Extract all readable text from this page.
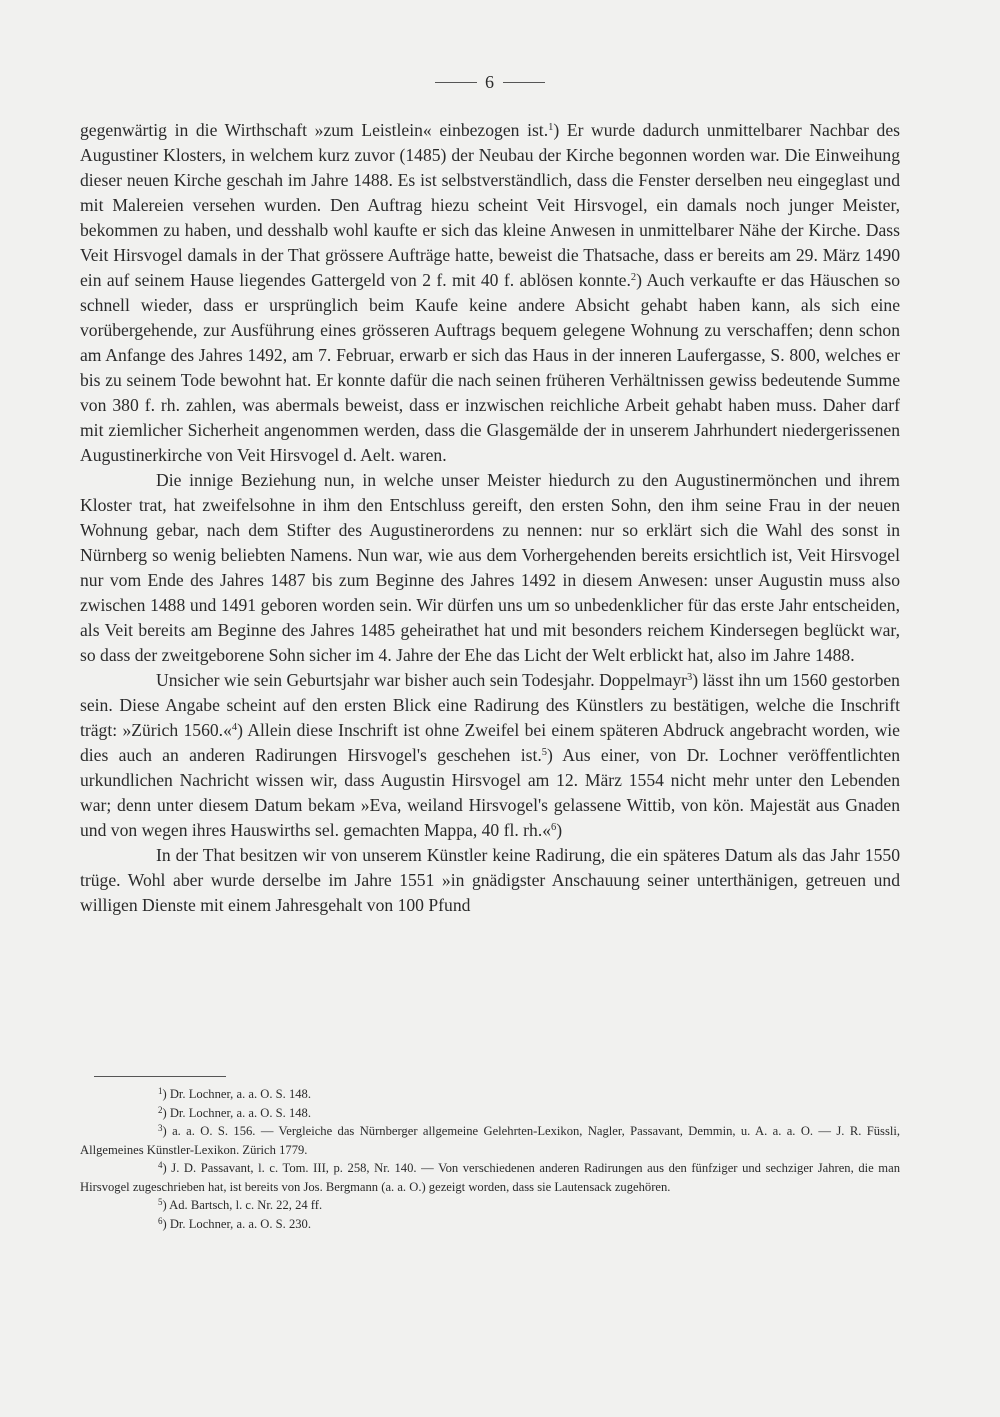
6

gegenwärtig in die Wirthschaft »zum Leistlein« einbezogen ist.$^1$) Er wurde dadurch unmittelbarer Nachbar des Augustiner Klosters, in welchem kurz zuvor (1485) der Neubau der Kirche begonnen worden war. Die Einweihung dieser neuen Kirche geschah im Jahre 1488. Es ist selbstverständlich, dass die Fenster derselben neu eingeglast und mit Malereien versehen wurden. Den Auftrag hiezu scheint Veit Hirsvogel, ein damals noch junger Meister, bekommen zu haben, und desshalb wohl kaufte er sich das kleine Anwesen in unmittelbarer Nähe der Kirche. Dass Veit Hirsvogel damals in der That grössere Aufträge hatte, beweist die Thatsache, dass er bereits am 29. März 1490 ein auf seinem Hause liegendes Gattergeld von 2 f. mit 40 f. ablösen konnte.$^2$) Auch verkaufte er das Häuschen so schnell wieder, dass er ursprünglich beim Kaufe keine andere Absicht gehabt haben kann, als sich eine vorübergehende, zur Ausführung eines grösseren Auftrags bequem gelegene Wohnung zu verschaffen; denn schon am Anfange des Jahres 1492, am 7. Februar, erwarb er sich das Haus in der inneren Laufergasse, S. 800, welches er bis zu seinem Tode bewohnt hat. Er konnte dafür die nach seinen früheren Verhältnissen gewiss bedeutende Summe von 380 f. rh. zahlen, was abermals beweist, dass er inzwischen reichliche Arbeit gehabt haben muss. Daher darf mit ziemlicher Sicherheit angenommen werden, dass die Glasgemälde der in unserem Jahrhundert niedergerissenen Augustinerkirche von Veit Hirsvogel d. Aelt. waren.

Die innige Beziehung nun, in welche unser Meister hiedurch zu den Augustinermönchen und ihrem Kloster trat, hat zweifelsohne in ihm den Entschluss gereift, den ersten Sohn, den ihm seine Frau in der neuen Wohnung gebar, nach dem Stifter des Augustinerordens zu nennen: nur so erklärt sich die Wahl des sonst in Nürnberg so wenig beliebten Namens. Nun war, wie aus dem Vorhergehenden bereits ersichtlich ist, Veit Hirsvogel nur vom Ende des Jahres 1487 bis zum Beginne des Jahres 1492 in diesem Anwesen: unser Augustin muss also zwischen 1488 und 1491 geboren worden sein. Wir dürfen uns um so unbedenklicher für das erste Jahr entscheiden, als Veit bereits am Beginne des Jahres 1485 geheirathet hat und mit besonders reichem Kindersegen beglückt war, so dass der zweitgeborene Sohn sicher im 4. Jahre der Ehe das Licht der Welt erblickt hat, also im Jahre 1488.

Unsicher wie sein Geburtsjahr war bisher auch sein Todesjahr. Doppelmayr$^3$) lässt ihn um 1560 gestorben sein. Diese Angabe scheint auf den ersten Blick eine Radirung des Künstlers zu bestätigen, welche die Inschrift trägt: »Zürich 1560.«$^4$) Allein diese Inschrift ist ohne Zweifel bei einem späteren Abdruck angebracht worden, wie dies auch an anderen Radirungen Hirsvogel's geschehen ist.$^5$) Aus einer, von Dr. Lochner veröffentlichten urkundlichen Nachricht wissen wir, dass Augustin Hirsvogel am 12. März 1554 nicht mehr unter den Lebenden war; denn unter diesem Datum bekam »Eva, weiland Hirsvogel's gelassene Wittib, von kön. Majestät aus Gnaden und von wegen ihres Hauswirths sel. gemachten Mappa, 40 fl. rh.«$^6$)

In der That besitzen wir von unserem Künstler keine Radirung, die ein späteres Datum als das Jahr 1550 trüge. Wohl aber wurde derselbe im Jahre 1551 »in gnädigster Anschauung seiner unterthänigen, getreuen und willigen Dienste mit einem Jahresgehalt von 100 Pfund

$^1$) Dr. Lochner, a. a. O. S. 148.

$^2$) Dr. Lochner, a. a. O. S. 148.

$^3$) a. a. O. S. 156. — Vergleiche das Nürnberger allgemeine Gelehrten-Lexikon, Nagler, Passavant, Demmin, u. A. a. a. O. — J. R. Füssli, Allgemeines Künstler-Lexikon. Zürich 1779.

$^4$) J. D. Passavant, l. c. Tom. III, p. 258, Nr. 140. — Von verschiedenen anderen Radirungen aus den fünfziger und sechziger Jahren, die man Hirsvogel zugeschrieben hat, ist bereits von Jos. Bergmann (a. a. O.) gezeigt worden, dass sie Lautensack zugehören.

$^5$) Ad. Bartsch, l. c. Nr. 22, 24 ff.

$^6$) Dr. Lochner, a. a. O. S. 230.
